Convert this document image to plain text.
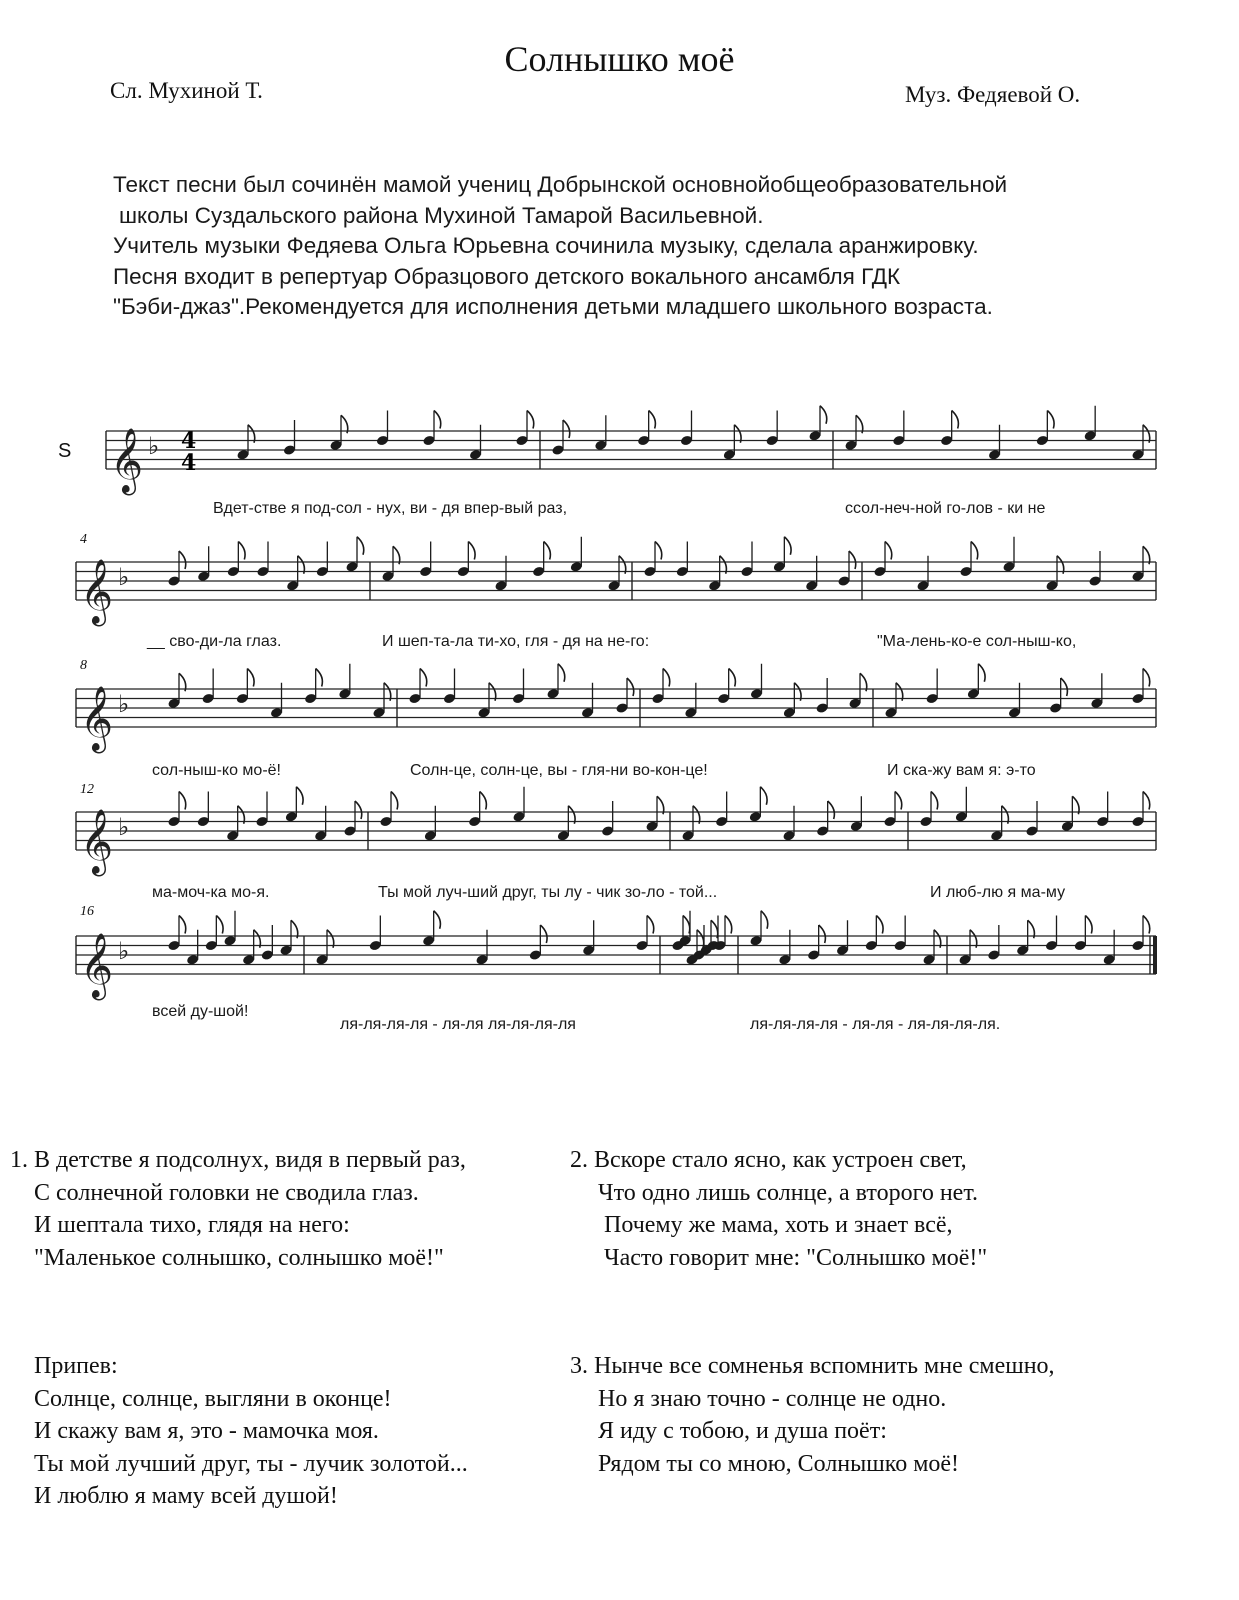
Солнышко моё
Сл. Мухиной Т.	Муз. Федяевой О.
Текст песни был сочинён мамой учениц Добрынской основнойобщеобразовательной
школы Суздальского района Мухиной Тамарой Васильевной.
Учитель музыки Федяева Ольга Юрьевна сочинила музыку, сделала аранжировку.
Песня входит в репертуар Образцового детского вокального ансамбля ГДК
"Бэби-джаз".Рекомендуется для исполнения детьми младшего школьного возраста.
S 𝄞 ♭
𝄞 ♭
𝄞 ♭
𝄞 ♭
𝄞 ♭
4
4
4
8
12
16
Вдет-стве я под-сол - нух, ви - дя впер-вый раз,	ссол-неч-ной го-лов - ки не
__ сво-ди-ла глаз.	И шеп-та-ла ти-хо, гля - дя на не-го:	"Ма-лень-ко-е сол-ныш-ко,
сол-ныш-ко мо-ё!	Солн-це, солн-це, вы - гля-ни во-кон-це!	И ска-жу вам я: э-то
ма-моч-ка мо-я.	Ты мой луч-ший друг, ты лу - чик зо-ло - той...	И люб-лю я ма-му
всей ду-шой!
ля-ля-ля-ля - ля-ля ля-ля-ля-ля	ля-ля-ля-ля - ля-ля - ля-ля-ля-ля.
1. В детстве я подсолнух, видя в первый раз,
С солнечной головки не сводила глаз.
И шептала тихо, глядя на него:
"Маленькое солнышко, солнышко моё!"
2. Вскоре стало ясно, как устроен свет,
Что одно лишь солнце, а второго нет.
Почему же мама, хоть и знает всё,
Часто говорит мне: "Солнышко моё!"
Припев:
Солнце, солнце, выгляни в оконце!
И скажу вам я, это - мамочка моя.
Ты мой лучший друг, ты - лучик золотой...
И люблю я маму всей душой!
3. Нынче все сомненья вспомнить мне смешно,
Но я знаю точно - солнце не одно.
Я иду с тобою, и душа поёт:
Рядом ты со мною, Солнышко моё!
